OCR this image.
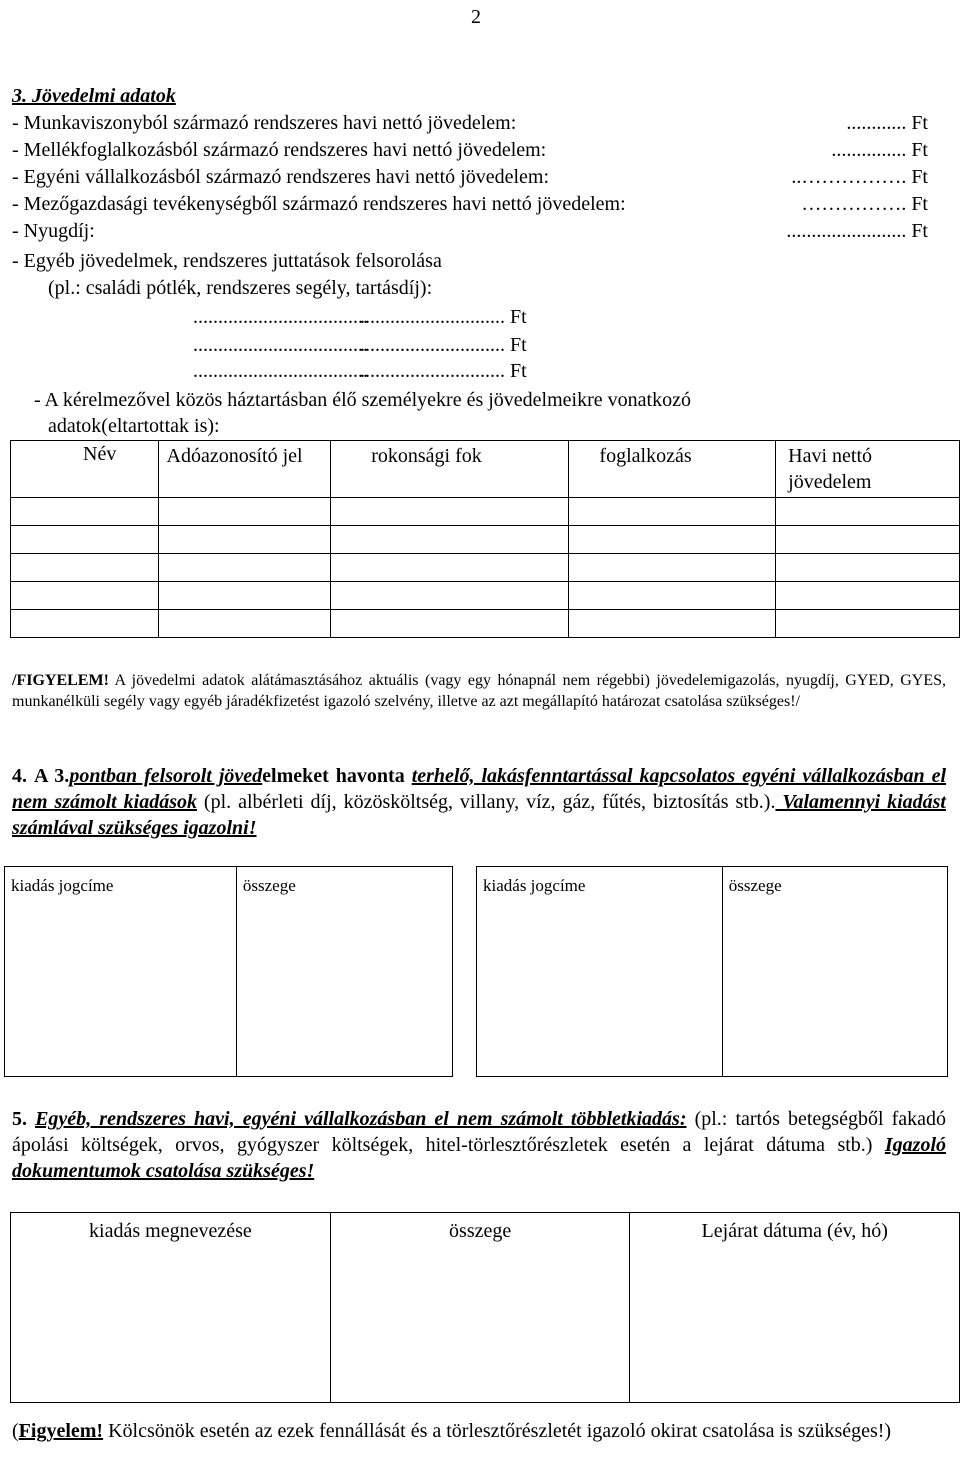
2
3. Jövedelmi adatok
- Munkaviszonyból származó rendszeres havi nettó jövedelem:	............ Ft
- Mellékfoglalkozásból származó rendszeres havi nettó jövedelem:	............... Ft
- Egyéni vállalkozásból származó rendszeres havi nettó jövedelem:	..……………. Ft
- Mezőgazdasági tevékenységből származó rendszeres havi nettó jövedelem:	……………. Ft
- Nyugdíj:	........................ Ft
- Egyéb jövedelmek, rendszeres juttatások felsorolása
(pl.: családi pótlék, rendszeres segély, tartásdíj):
...................................
............................. Ft
...................................
............................. Ft
...................................
............................. Ft
- A kérelmezővel közös háztartásban élő személyekre és jövedelmeikre vonatkozó
adatok(eltartottak is):
Név	Adóazonosító jel	rokonsági fok	foglalkozás	Havi nettó jövedelem

/FIGYELEM! A jövedelmi adatok alátámasztásához aktuális (vagy egy hónapnál nem régebbi) jövedelemigazolás, nyugdíj, GYED, GYES, munkanélküli segély vagy egyéb járadékfizetést igazoló szelvény, illetve az azt megállapító határozat csatolása szükséges!/
4. A 3.pontban felsorolt jövedelmeket havonta terhelő, lakásfenntartással kapcsolatos egyéni vállalkozásban el nem számolt kiadások (pl. albérleti díj, közösköltség, villany, víz, gáz, fűtés, biztosítás stb.). Valamennyi kiadást számlával szükséges igazolni!
kiadás jogcíme	összege	kiadás jogcíme	összege
5. Egyéb, rendszeres havi, egyéni vállalkozásban el nem számolt többletkiadás: (pl.: tartós betegségből fakadó ápolási költségek, orvos, gyógyszer költségek, hitel-törlesztőrészletek esetén a lejárat dátuma stb.) Igazoló dokumentumok csatolása szükséges!
kiadás megnevezése	összege	Lejárat dátuma (év, hó)
(Figyelem! Kölcsönök esetén az ezek fennállását és a törlesztőrészletét igazoló okirat csatolása is szükséges!)
